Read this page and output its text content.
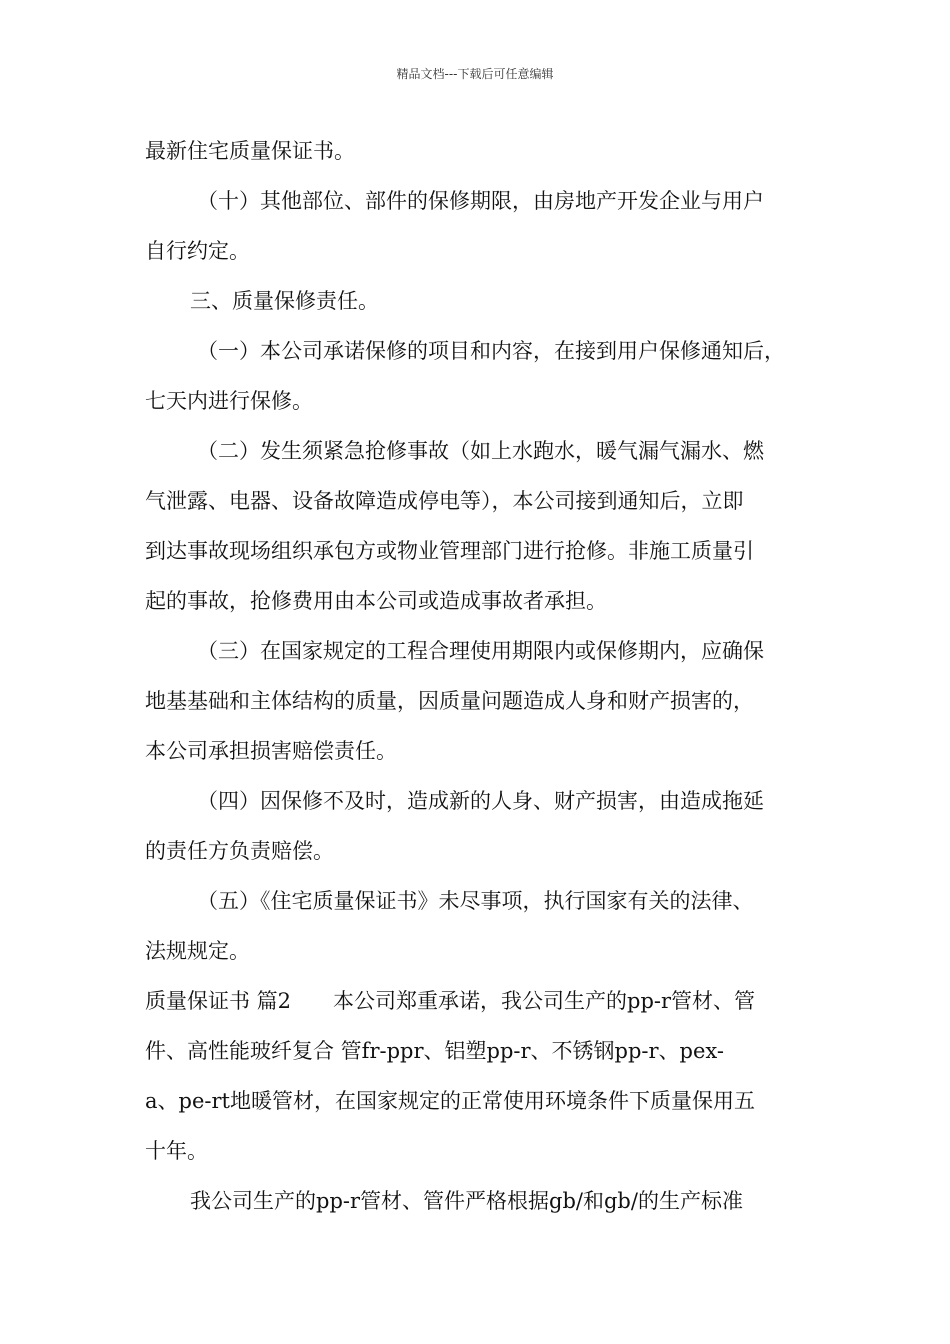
精品文档---下载后可任意编辑
最新住宅质量保证书。
（十）其他部位、部件的保修期限，由房地产开发企业与用户
自行约定。
三、质量保修责任。
（一）本公司承诺保修的项目和内容，在接到用户保修通知后，
七天内进行保修。
（二）发生须紧急抢修事故（如上水跑水，暖气漏气漏水、燃
气泄露、电器、设备故障造成停电等），本公司接到通知后，立即
到达事故现场组织承包方或物业管理部门进行抢修。非施工质量引
起的事故，抢修费用由本公司或造成事故者承担。
（三）在国家规定的工程合理使用期限内或保修期内，应确保
地基基础和主体结构的质量，因质量问题造成人身和财产损害的，
本公司承担损害赔偿责任。
（四）因保修不及时，造成新的人身、财产损害，由造成拖延
的责任方负责赔偿。
（五）《住宅质量保证书》未尽事项，执行国家有关的法律、
法规规定。
质量保证书 篇2　　本公司郑重承诺，我公司生产的pp-r管材、管
件、高性能玻纤复合 管fr-ppr、铝塑pp-r、不锈钢pp-r、pex-
a、pe-rt地暖管材，在国家规定的正常使用环境条件下质量保用五
十年。
我公司生产的pp-r管材、管件严格根据gb/和gb/的生产标准
